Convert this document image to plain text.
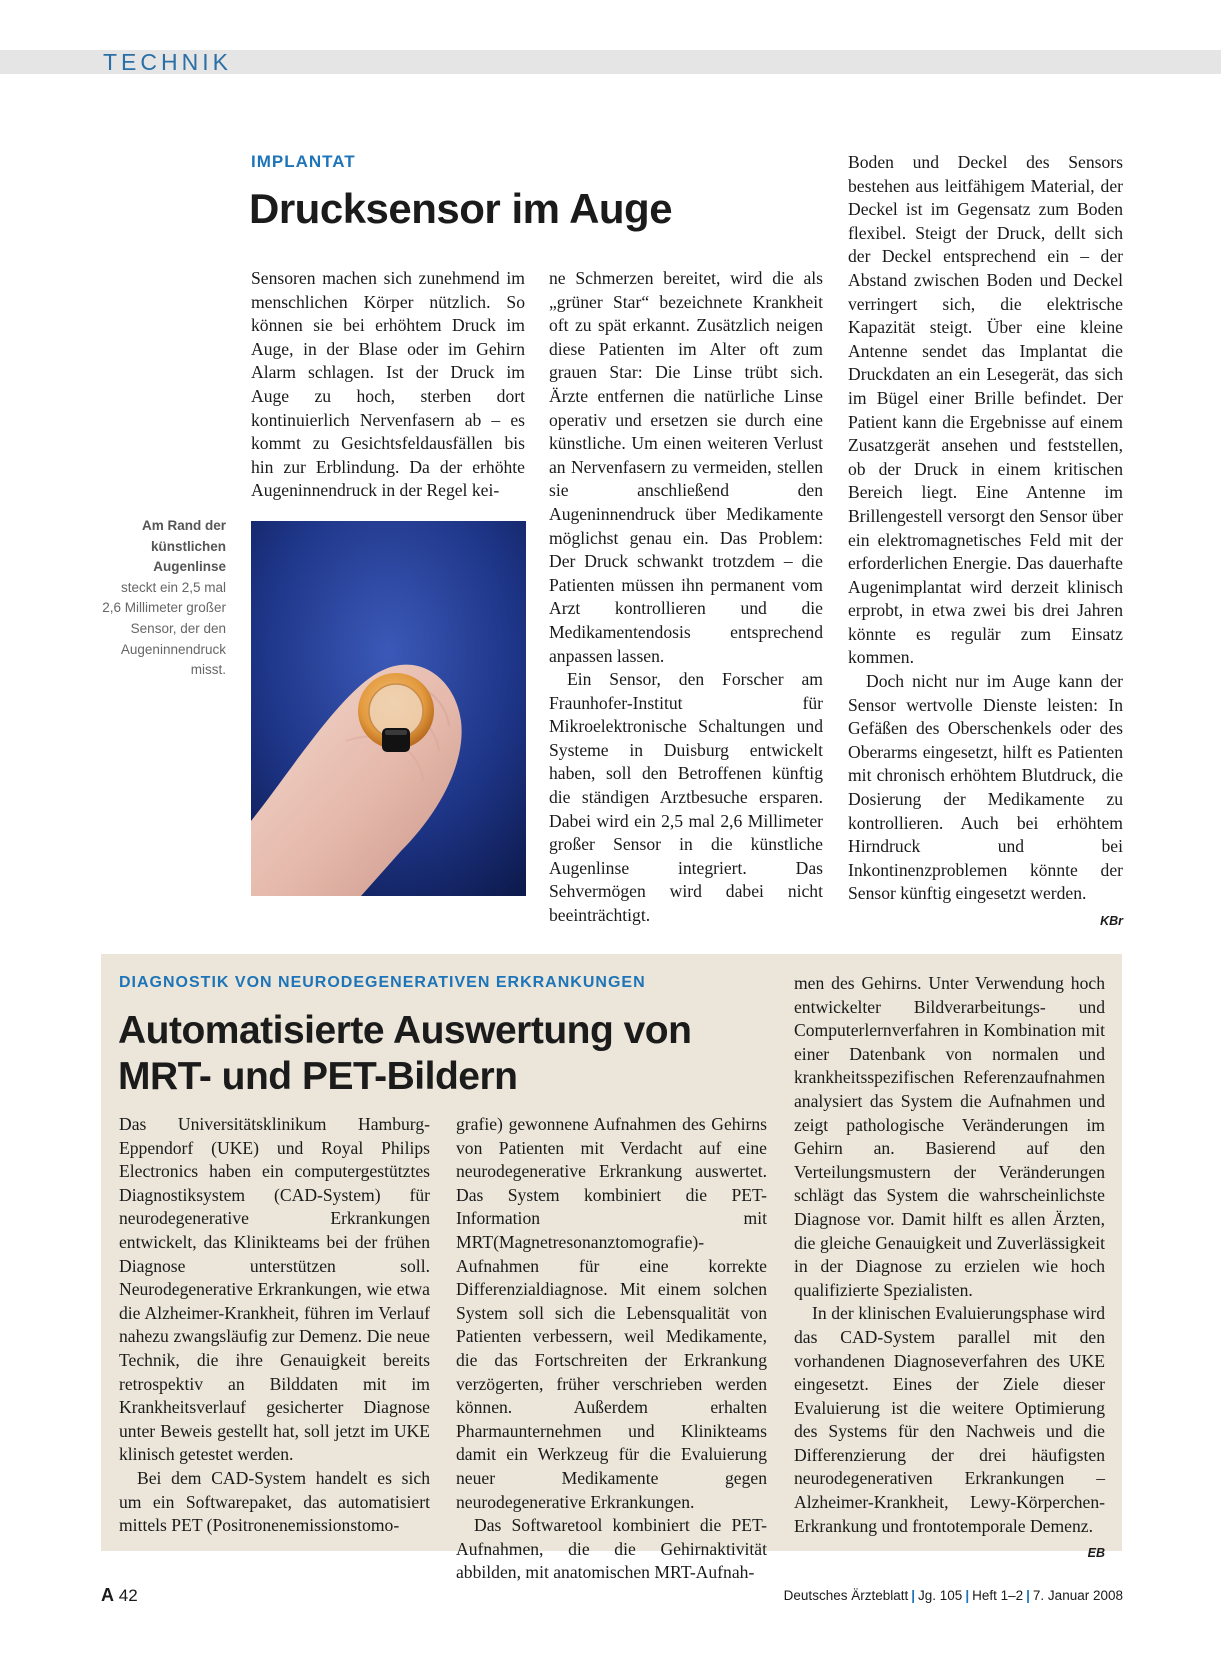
TECHNIK
IMPLANTAT
Drucksensor im Auge

Sensoren machen sich zunehmend im menschlichen Körper nützlich. So können sie bei erhöhtem Druck im Auge, in der Blase oder im Gehirn Alarm schlagen. Ist der Druck im Auge zu hoch, sterben dort kontinuierlich Nervenfasern ab – es kommt zu Gesichtsfeldausfällen bis hin zur Erblindung. Da der erhöhte Augeninnendruck in der Regel kei-

Am Rand der künstlichen Augenlinse
steckt ein 2,5 mal 2,6 Millimeter großer Sensor, der den Augeninnendruck misst.

ne Schmerzen bereitet, wird die als „grüner Star“ bezeichnete Krankheit oft zu spät erkannt. Zusätzlich neigen diese Patienten im Alter oft zum grauen Star: Die Linse trübt sich. Ärzte entfernen die natürliche Linse operativ und ersetzen sie durch eine künstliche. Um einen weiteren Verlust an Nervenfasern zu vermeiden, stellen sie anschließend den Augeninnendruck über Medikamente möglichst genau ein. Das Problem: Der Druck schwankt trotzdem – die Patienten müssen ihn permanent vom Arzt kontrollieren und die Medikamentendosis entsprechend anpassen lassen.

Ein Sensor, den Forscher am Fraunhofer-Institut für Mikroelektronische Schaltungen und Systeme in Duisburg entwickelt haben, soll den Betroffenen künftig die ständigen Arztbesuche ersparen. Dabei wird ein 2,5 mal 2,6 Millimeter großer Sensor in die künstliche Augenlinse integriert. Das Sehvermögen wird dabei nicht beeinträchtigt.

Boden und Deckel des Sensors bestehen aus leitfähigem Material, der Deckel ist im Gegensatz zum Boden flexibel. Steigt der Druck, dellt sich der Deckel entsprechend ein – der Abstand zwischen Boden und Deckel verringert sich, die elektrische Kapazität steigt. Über eine kleine Antenne sendet das Implantat die Druckdaten an ein Lesegerät, das sich im Bügel einer Brille befindet. Der Patient kann die Ergebnisse auf einem Zusatzgerät ansehen und feststellen, ob der Druck in einem kritischen Bereich liegt. Eine Antenne im Brillengestell versorgt den Sensor über ein elektromagnetisches Feld mit der erforderlichen Energie. Das dauerhafte Augenimplantat wird derzeit klinisch erprobt, in etwa zwei bis drei Jahren könnte es regulär zum Einsatz kommen.

Doch nicht nur im Auge kann der Sensor wertvolle Dienste leisten: In Gefäßen des Oberschenkels oder des Oberarms eingesetzt, hilft es Patienten mit chronisch erhöhtem Blutdruck, die Dosierung der Medikamente zu kontrollieren. Auch bei erhöhtem Hirndruck und bei Inkontinenzproblemen könnte der Sensor künftig eingesetzt werden.
KBr

DIAGNOSTIK VON NEURODEGENERATIVEN ERKRANKUNGEN
Automatisierte Auswertung von
MRT- und PET-Bildern

Das Universitätsklinikum Hamburg-Eppendorf (UKE) und Royal Philips Electronics haben ein computergestütztes Diagnostiksystem (CAD-System) für neurodegenerative Erkrankungen entwickelt, das Klinikteams bei der frühen Diagnose unterstützen soll. Neurodegenerative Erkrankungen, wie etwa die Alzheimer-Krankheit, führen im Verlauf nahezu zwangsläufig zur Demenz. Die neue Technik, die ihre Genauigkeit bereits retrospektiv an Bilddaten mit im Krankheitsverlauf gesicherter Diagnose unter Beweis gestellt hat, soll jetzt im UKE klinisch getestet werden.

Bei dem CAD-System handelt es sich um ein Softwarepaket, das automatisiert mittels PET (Positronenemissionstomo-

grafie) gewonnene Aufnahmen des Gehirns von Patienten mit Verdacht auf eine neurodegenerative Erkrankung auswertet. Das System kombiniert die PET-Information mit MRT(Magnetresonanztomografie)-Aufnahmen für eine korrekte Differenzialdiagnose. Mit einem solchen System soll sich die Lebensqualität von Patienten verbessern, weil Medikamente, die das Fortschreiten der Erkrankung verzögerten, früher verschrieben werden können. Außerdem erhalten Pharmaunternehmen und Klinikteams damit ein Werkzeug für die Evaluierung neuer Medikamente gegen neurodegenerative Erkrankungen.

Das Softwaretool kombiniert die PET-Aufnahmen, die die Gehirnaktivität abbilden, mit anatomischen MRT-Aufnah-

men des Gehirns. Unter Verwendung hoch entwickelter Bildverarbeitungs- und Computerlernverfahren in Kombination mit einer Datenbank von normalen und krankheitsspezifischen Referenzaufnahmen analysiert das System die Aufnahmen und zeigt pathologische Veränderungen im Gehirn an. Basierend auf den Verteilungsmustern der Veränderungen schlägt das System die wahrscheinlichste Diagnose vor. Damit hilft es allen Ärzten, die gleiche Genauigkeit und Zuverlässigkeit in der Diagnose zu erzielen wie hoch qualifizierte Spezialisten.

In der klinischen Evaluierungsphase wird das CAD-System parallel mit den vorhandenen Diagnoseverfahren des UKE eingesetzt. Eines der Ziele dieser Evaluierung ist die weitere Optimierung des Systems für den Nachweis und die Differenzierung der drei häufigsten neurodegenerativen Erkrankungen – Alzheimer-Krankheit, Lewy-Körperchen-Erkrankung und frontotemporale Demenz.
EB

A 42	Deutsches Ärzteblatt | Jg. 105 | Heft 1–2 | 7. Januar 2008
